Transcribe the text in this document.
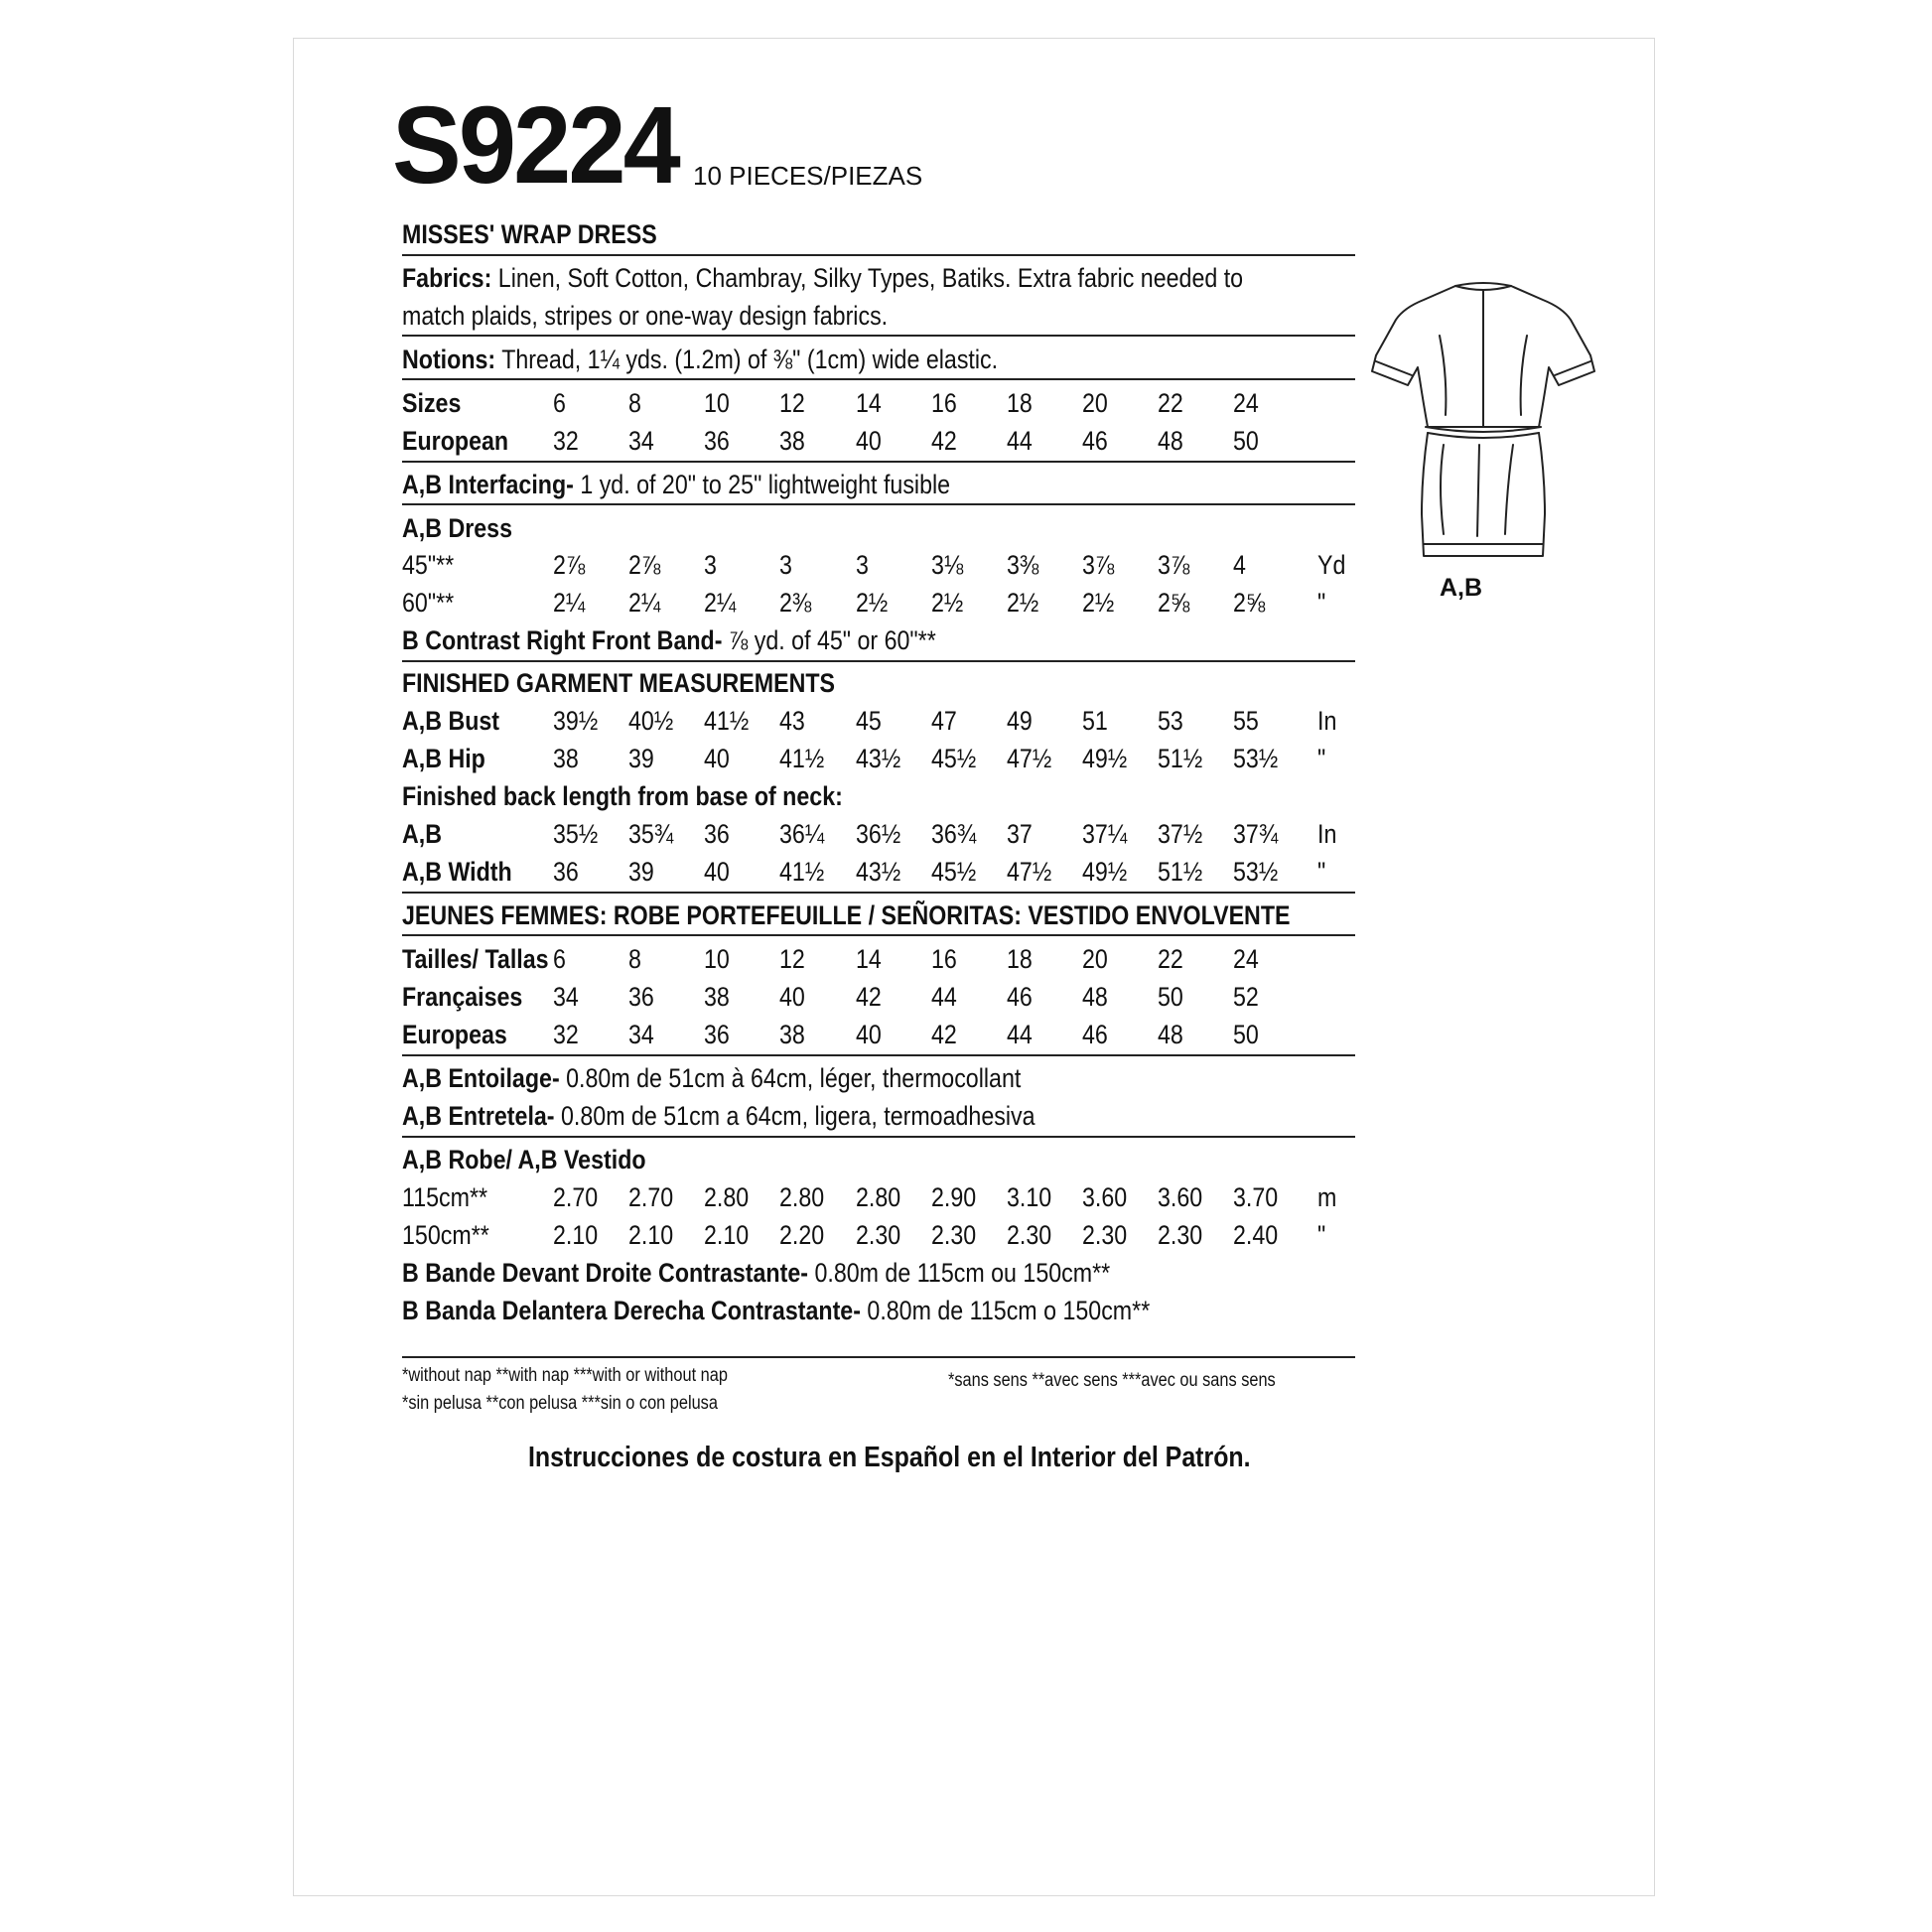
S9224 10 PIECES/PIEZAS
MISSES' WRAP DRESS
Fabrics: Linen, Soft Cotton, Chambray, Silky Types, Batiks. Extra fabric needed to
match plaids, stripes or one-way design fabrics.
Notions: Thread, 1¼ yds. (1.2m) of ⅜" (1cm) wide elastic.
Sizes	6 8 10 12 14 16 18 20 22 24
European 32 34 36 38 40 42 44 46 48 50
A,B Interfacing- 1 yd. of 20" to 25" lightweight fusible
A,B Dress
45"**	2⅞ 2⅞ 3 3 3 3⅛ 3⅜ 3⅞ 3⅞ 4	Yd
60"**	2¼ 2¼ 2¼ 2⅜ 2½ 2½ 2½ 2½ 2⅝ 2⅝ "
B Contrast Right Front Band- ⅞ yd. of 45" or 60"**
FINISHED GARMENT MEASUREMENTS
A,B Bust 39½ 40½ 41½ 43 45 47 49 51 53 55 In
A,B Hip	38 39 40 41½ 43½ 45½ 47½ 49½ 51½ 53½ "
Finished back length from base of neck:
A,B	35½ 35¾ 36 36¼ 36½ 36¾ 37 37¼ 37½ 37¾ In
A,B Width 36 39 40 41½ 43½ 45½ 47½ 49½ 51½ 53½ "
JEUNES FEMMES: ROBE PORTEFEUILLE / SEÑORITAS: VESTIDO ENVOLVENTE
Tailles/ Tallas 6 8 10 12 14 16 18 20 22 24
Françaises 34 36 38 40 42 44 46 48 50 52
Europeas 32 34 36 38 40 42 44 46 48 50
A,B Entoilage- 0.80m de 51cm à 64cm, léger, thermocollant
A,B Entretela- 0.80m de 51cm a 64cm, ligera, termoadhesiva
A,B Robe/ A,B Vestido
115cm** 2.70 2.70 2.80 2.80 2.80 2.90 3.10 3.60 3.60 3.70 m
150cm** 2.10 2.10 2.10 2.20 2.30 2.30 2.30 2.30 2.30 2.40 "
B Bande Devant Droite Contrastante- 0.80m de 115cm ou 150cm**
B Banda Delantera Derecha Contrastante- 0.80m de 115cm o 150cm**
*without nap **with nap ***with or without nap
*sin pelusa **con pelusa ***sin o con pelusa
*sans sens **avec sens ***avec ou sans sens
Instrucciones de costura en Español en el Interior del Patrón.
A,B
